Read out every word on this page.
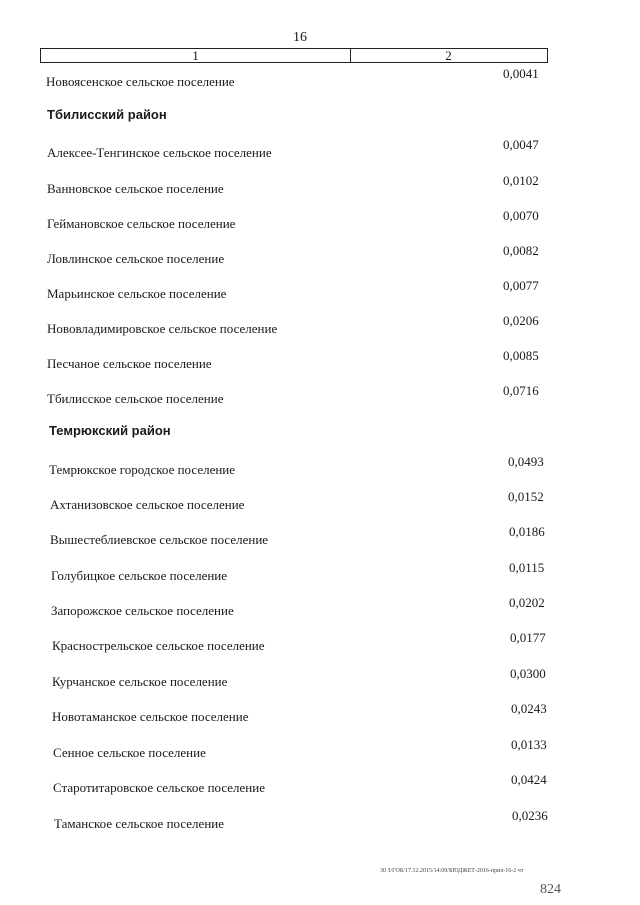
16
1	2
Новоясенское сельское поселение
0,0041
Тбилисский район
Алексее-Тенгинское сельское поселение
0,0047
Ванновское сельское поселение
0,0102
Геймановское сельское поселение
0,0070
Ловлинское сельское поселение
0,0082
Марьинское сельское поселение
0,0077
Нововладимировское сельское поселение
0,0206
Песчаное сельское поселение
0,0085
Тбилисское сельское поселение
0,0716
Темрюкский район
Темрюкское городское поселение
0,0493
Ахтанизовское сельское поселение
0,0152
Вышестеблиевское сельское поселение
0,0186
Голубицкое сельское поселение
0,0115
Запорожское сельское поселение
0,0202
Краснострельское сельское поселение
0,0177
Курчанское сельское поселение
0,0300
Новотаманское сельское поселение
0,0243
Сенное сельское поселение
0,0133
Старотитаровское сельское поселение
0,0424
Таманское сельское поселение
0,0236
30 З/ГОБ/17.12.2015/14:09/БЮДЖЕТ-2016-прил-16-2 чт
824
